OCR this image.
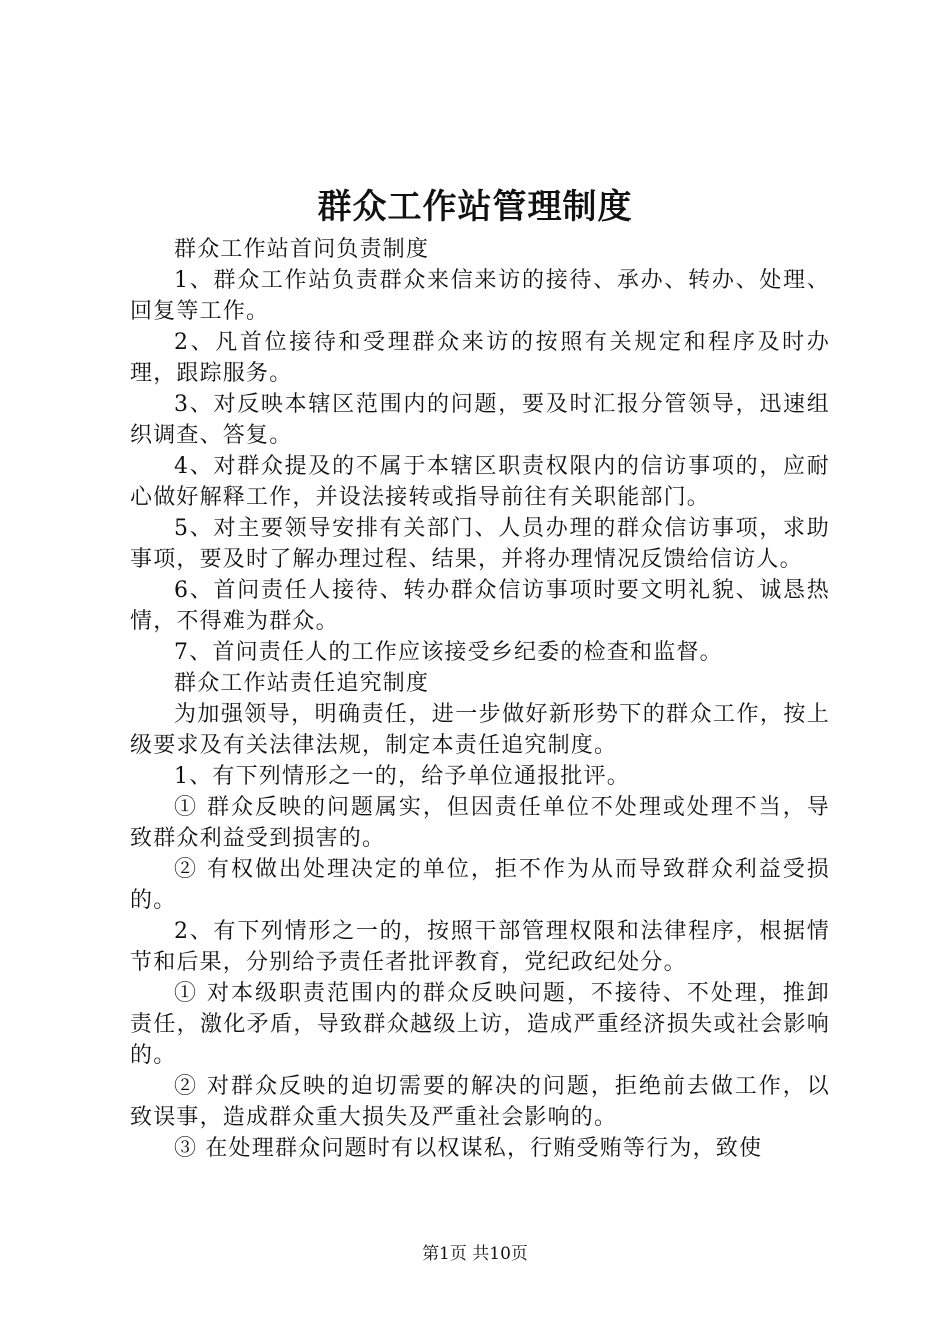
群众工作站管理制度

群众工作站首问负责制度

1、群众工作站负责群众来信来访的接待、承办、转办、处理、回复等工作。

2、凡首位接待和受理群众来访的按照有关规定和程序及时办理，跟踪服务。

3、对反映本辖区范围内的问题，要及时汇报分管领导，迅速组织调查、答复。

4、对群众提及的不属于本辖区职责权限内的信访事项的，应耐心做好解释工作，并设法接转或指导前往有关职能部门。

5、对主要领导安排有关部门、人员办理的群众信访事项，求助事项，要及时了解办理过程、结果，并将办理情况反馈给信访人。

6、首问责任人接待、转办群众信访事项时要文明礼貌、诚恳热情，不得难为群众。

7、首问责任人的工作应该接受乡纪委的检查和监督。

群众工作站责任追究制度

为加强领导，明确责任，进一步做好新形势下的群众工作，按上级要求及有关法律法规，制定本责任追究制度。

1、有下列情形之一的，给予单位通报批评。

① 群众反映的问题属实，但因责任单位不处理或处理不当，导致群众利益受到损害的。

② 有权做出处理决定的单位，拒不作为从而导致群众利益受损的。

2、有下列情形之一的，按照干部管理权限和法律程序，根据情节和后果，分别给予责任者批评教育，党纪政纪处分。

① 对本级职责范围内的群众反映问题，不接待、不处理，推卸责任，激化矛盾，导致群众越级上访，造成严重经济损失或社会影响的。

② 对群众反映的迫切需要的解决的问题，拒绝前去做工作，以致误事，造成群众重大损失及严重社会影响的。

③ 在处理群众问题时有以权谋私，行贿受贿等行为，致使

第1页 共10页
